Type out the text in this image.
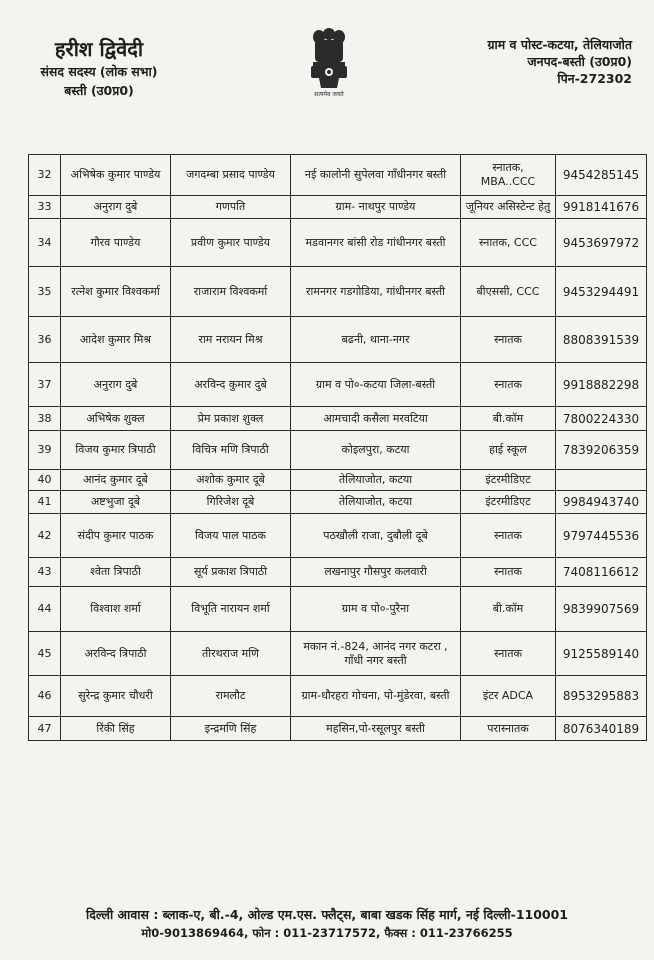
हरीश द्विवेदी
संसद सदस्य (लोक सभा)
बस्ती (उ0प्र0)	सत्यमेव जयते
ग्राम व पोस्ट-कटया, तेलियाजोत
जनपद-बस्ती (उ0प्र0)
पिन-272302
32	अभिषेक कुमार पाण्डेय	जगदम्बा प्रसाद पाण्डेय	नई कालोनी सुपेलवा गाँधीनगर बस्ती	स्नातक, MBA..CCC	9454285145
33	अनुराग दुबे	गणपति	ग्राम- नाथपुर पाण्डेय	जूनियर असिस्टेन्ट हेतु	9918141676
34	गौरव पाण्डेय	प्रवीण कुमार पाण्डेय	मडवानगर बांसी रोड गांधीनगर बस्ती	स्नातक, CCC	9453697972
35	रत्नेश कुमार विश्वकर्मा	राजाराम विश्वकर्मा	रामनगर गडगोडिया, गांधीनगर बस्ती	बीएससी, CCC	9453294491
36	आदेश कुमार मिश्र	राम नरायन मिश्र	बढनी, थाना-नगर	स्नातक	8808391539
37	अनुराग दुबे	अरविन्द कुमार दुबे	ग्राम व पो०-कटया जिला-बस्ती	स्नातक	9918882298
38	अभिषेक शुक्ल	प्रेम प्रकाश शुक्ल	आमचादी कसैला मरवटिया	बी.कॉम	7800224330
39	विजय कुमार त्रिपाठी	विचित्र मणि त्रिपाठी	कोइलपुरा, कटया	हाई स्कूल	7839206359
40	आनंद कुमार दूबे	अशोक कुमार दूबे	तेलियाजोत, कटया	इंटरमीडिएट	
41	अष्टभुजा दूबे	गिरिजेश दूबे	तेलियाजोत, कटया	इंटरमीडिएट	9984943740
42	संदीप कुमार पाठक	विजय पाल पाठक	पठखौली राजा, दुबौली दूबे	स्नातक	9797445536
43	श्वेता त्रिपाठी	सूर्य प्रकाश त्रिपाठी	लखनापुर गौसपुर कलवारी	स्नातक	7408116612
44	विश्वाश शर्मा	विभूति नारायन शर्मा	ग्राम व पो०-पुरैना	बी.कॉम	9839907569
45	अरविन्द त्रिपाठी	तीरथराज मणि	मकान नं.-824, आनंद नगर कटरा , गाँधी नगर बस्ती	स्नातक	9125589140
46	सुरेन्द्र कुमार चौधरी	रामलौट	ग्राम-धौरहरा गोचना, पो-मुंडेरवा, बस्ती	इंटर ADCA	8953295883
47	रिंकी सिंह	इन्द्रमणि सिंह	महसिन,पो-रसूलपुर बस्ती	परास्नातक	8076340189
दिल्ली आवास : ब्लाक-ए, बी.-4, ओल्ड एम.एस. फ्लैट्स, बाबा खडक सिंह मार्ग, नई दिल्ली-110001
मो0-9013869464, फोन : 011-23717572, फैक्स : 011-23766255
